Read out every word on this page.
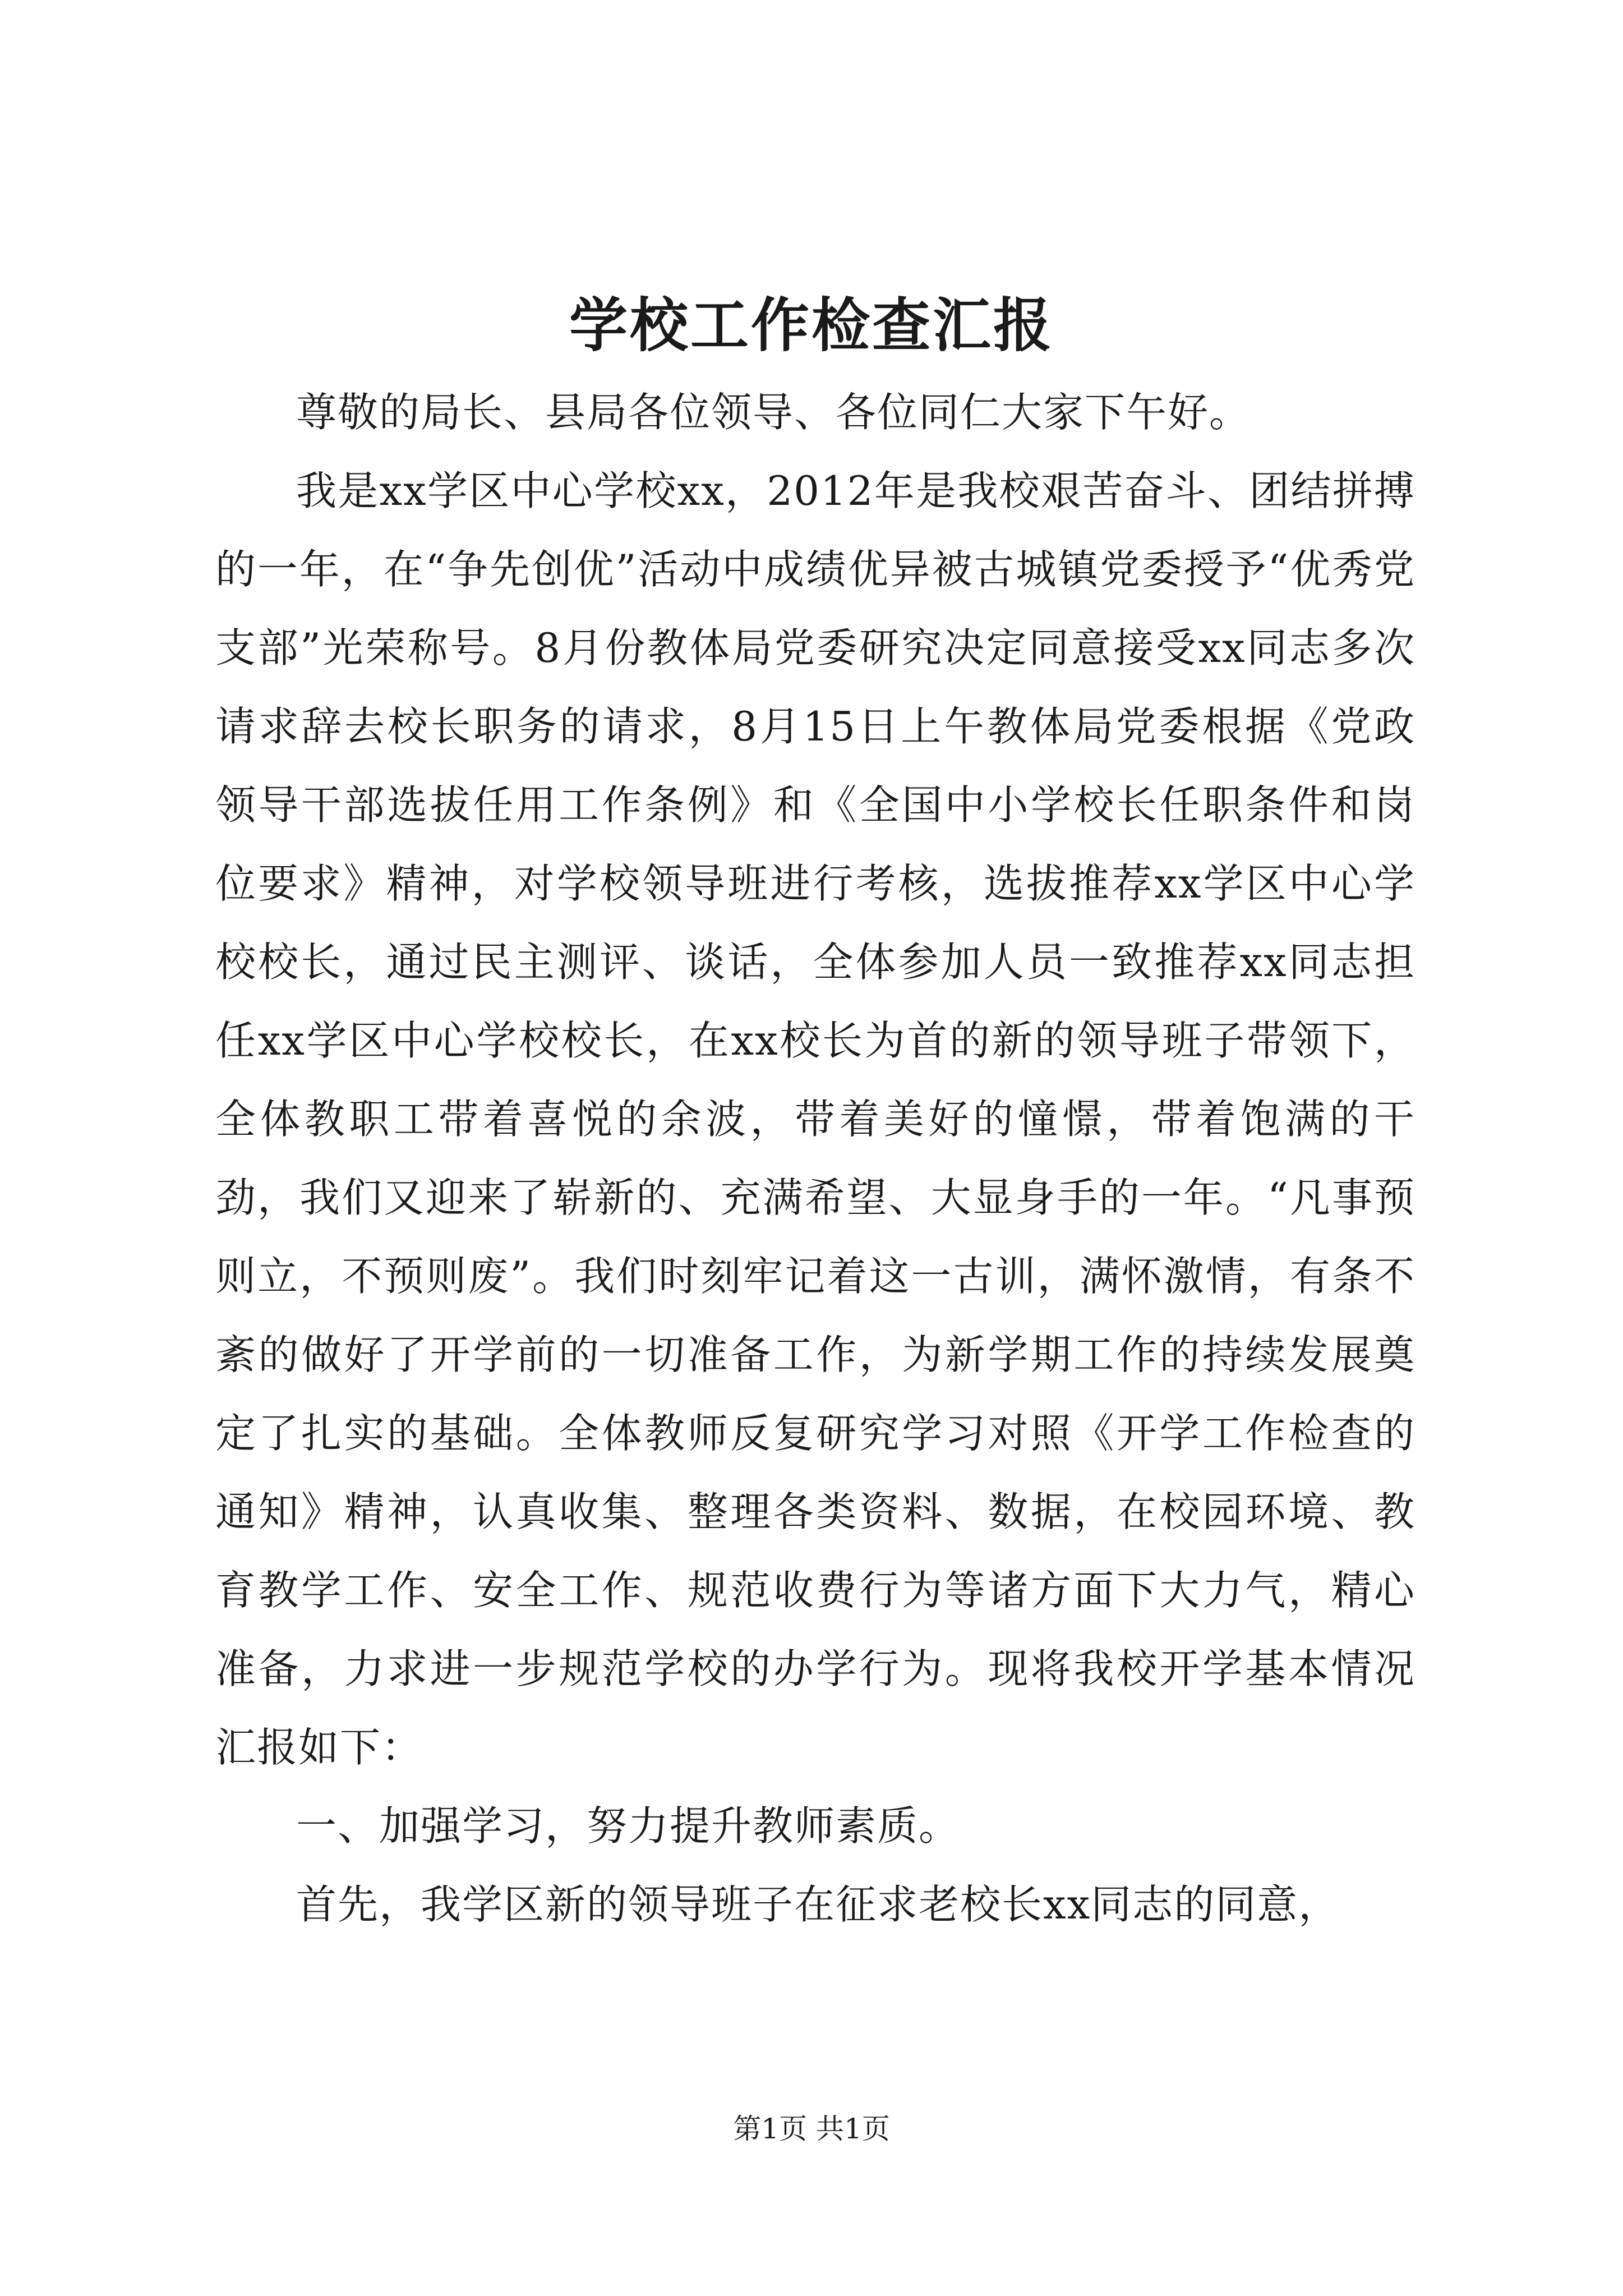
学校工作检查汇报

尊敬的局长、县局各位领导、各位同仁大家下午好。

我是xx学区中心学校xx，2012年是我校艰苦奋斗、团结拼搏的一年，在“争先创优”活动中成绩优异被古城镇党委授予“优秀党支部”光荣称号。8月份教体局党委研究决定同意接受xx同志多次请求辞去校长职务的请求，8月15日上午教体局党委根据《党政领导干部选拔任用工作条例》和《全国中小学校长任职条件和岗位要求》精神，对学校领导班进行考核，选拔推荐xx学区中心学校校长，通过民主测评、谈话，全体参加人员一致推荐xx同志担任xx学区中心学校校长，在xx校长为首的新的领导班子带领下，全体教职工带着喜悦的余波，带着美好的憧憬，带着饱满的干劲，我们又迎来了崭新的、充满希望、大显身手的一年。“凡事预则立，不预则废”。我们时刻牢记着这一古训，满怀激情，有条不紊的做好了开学前的一切准备工作，为新学期工作的持续发展奠定了扎实的基础。全体教师反复研究学习对照《开学工作检查的通知》精神，认真收集、整理各类资料、数据，在校园环境、教育教学工作、安全工作、规范收费行为等诸方面下大力气，精心准备，力求进一步规范学校的办学行为。现将我校开学基本情况汇报如下：

一、加强学习，努力提升教师素质。

首先，我学区新的领导班子在征求老校长xx同志的同意，

第1页 共1页
